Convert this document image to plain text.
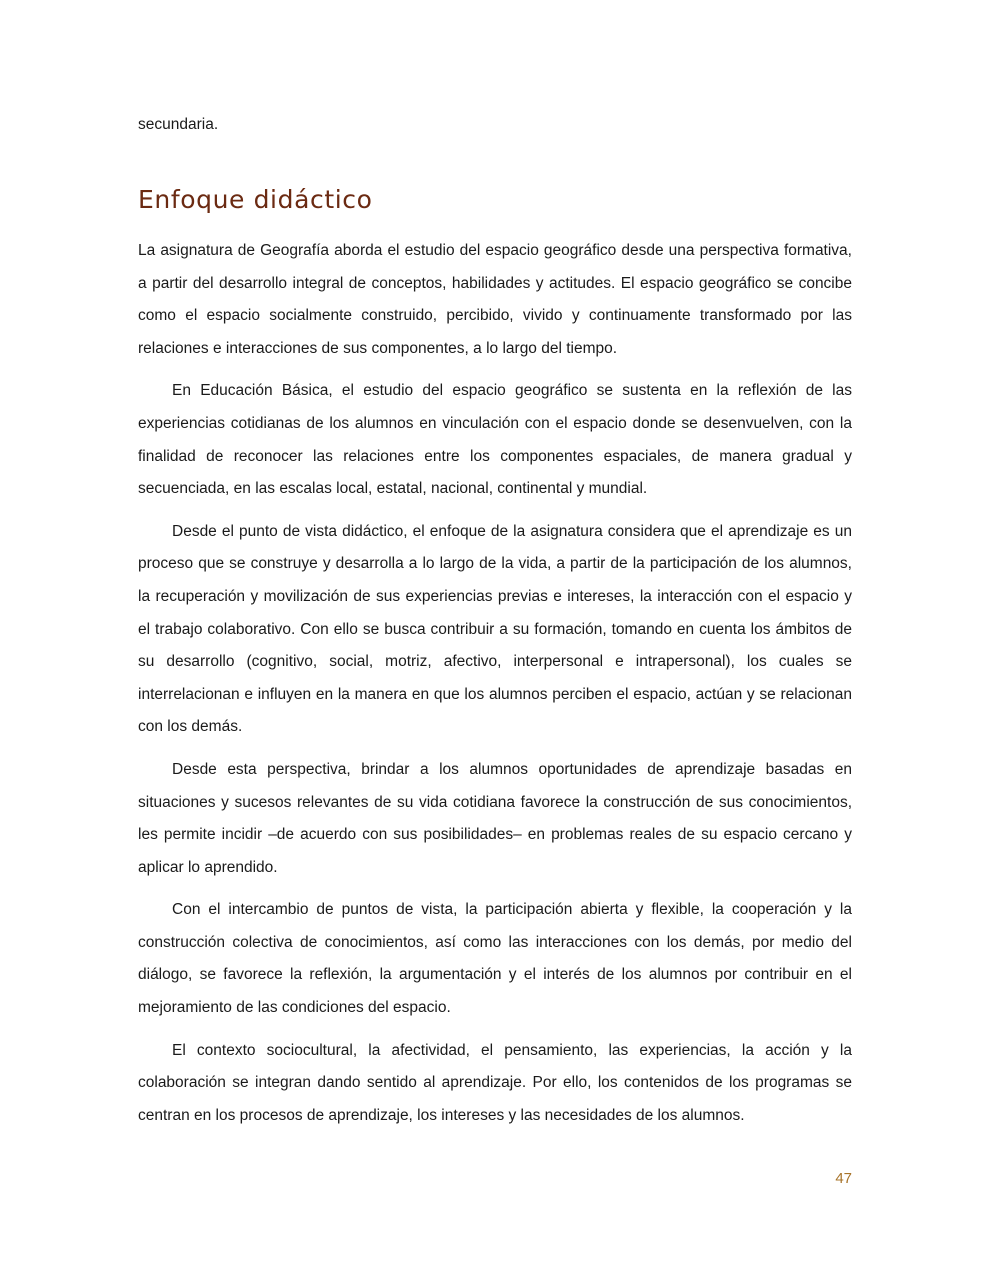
secundaria.

Enfoque didáctico

La asignatura de Geografía aborda el estudio del espacio geográfico desde una perspectiva formativa, a partir del desarrollo integral de conceptos, habilidades y actitudes. El espacio geográfico se concibe como el espacio socialmente construido, percibido, vivido y continuamente transformado por las relaciones e interacciones de sus componentes, a lo largo del tiempo.

En Educación Básica, el estudio del espacio geográfico se sustenta en la reflexión de las experiencias cotidianas de los alumnos en vinculación con el espacio donde se desenvuelven, con la finalidad de reconocer las relaciones entre los componentes espaciales, de manera gradual y secuenciada, en las escalas local, estatal, nacional, continental y mundial.

Desde el punto de vista didáctico, el enfoque de la asignatura considera que el aprendizaje es un proceso que se construye y desarrolla a lo largo de la vida, a partir de la participación de los alumnos, la recuperación y movilización de sus experiencias previas e intereses, la interacción con el espacio y el trabajo colaborativo. Con ello se busca contribuir a su formación, tomando en cuenta los ámbitos de su desarrollo (cognitivo, social, motriz, afectivo, interpersonal e intrapersonal), los cuales se interrelacionan e influyen en la manera en que los alumnos perciben el espacio, actúan y se relacionan con los demás.

Desde esta perspectiva, brindar a los alumnos oportunidades de aprendizaje basadas en situaciones y sucesos relevantes de su vida cotidiana favorece la construcción de sus conocimientos, les permite incidir –de acuerdo con sus posibilidades– en problemas reales de su espacio cercano y aplicar lo aprendido.

Con el intercambio de puntos de vista, la participación abierta y flexible, la cooperación y la construcción colectiva de conocimientos, así como las interacciones con los demás, por medio del diálogo, se favorece la reflexión, la argumentación y el interés de los alumnos por contribuir en el mejoramiento de las condiciones del espacio.

El contexto sociocultural, la afectividad, el pensamiento, las experiencias, la acción y la colaboración se integran dando sentido al aprendizaje. Por ello, los contenidos de los programas se centran en los procesos de aprendizaje, los intereses y las necesidades de los alumnos.

47
